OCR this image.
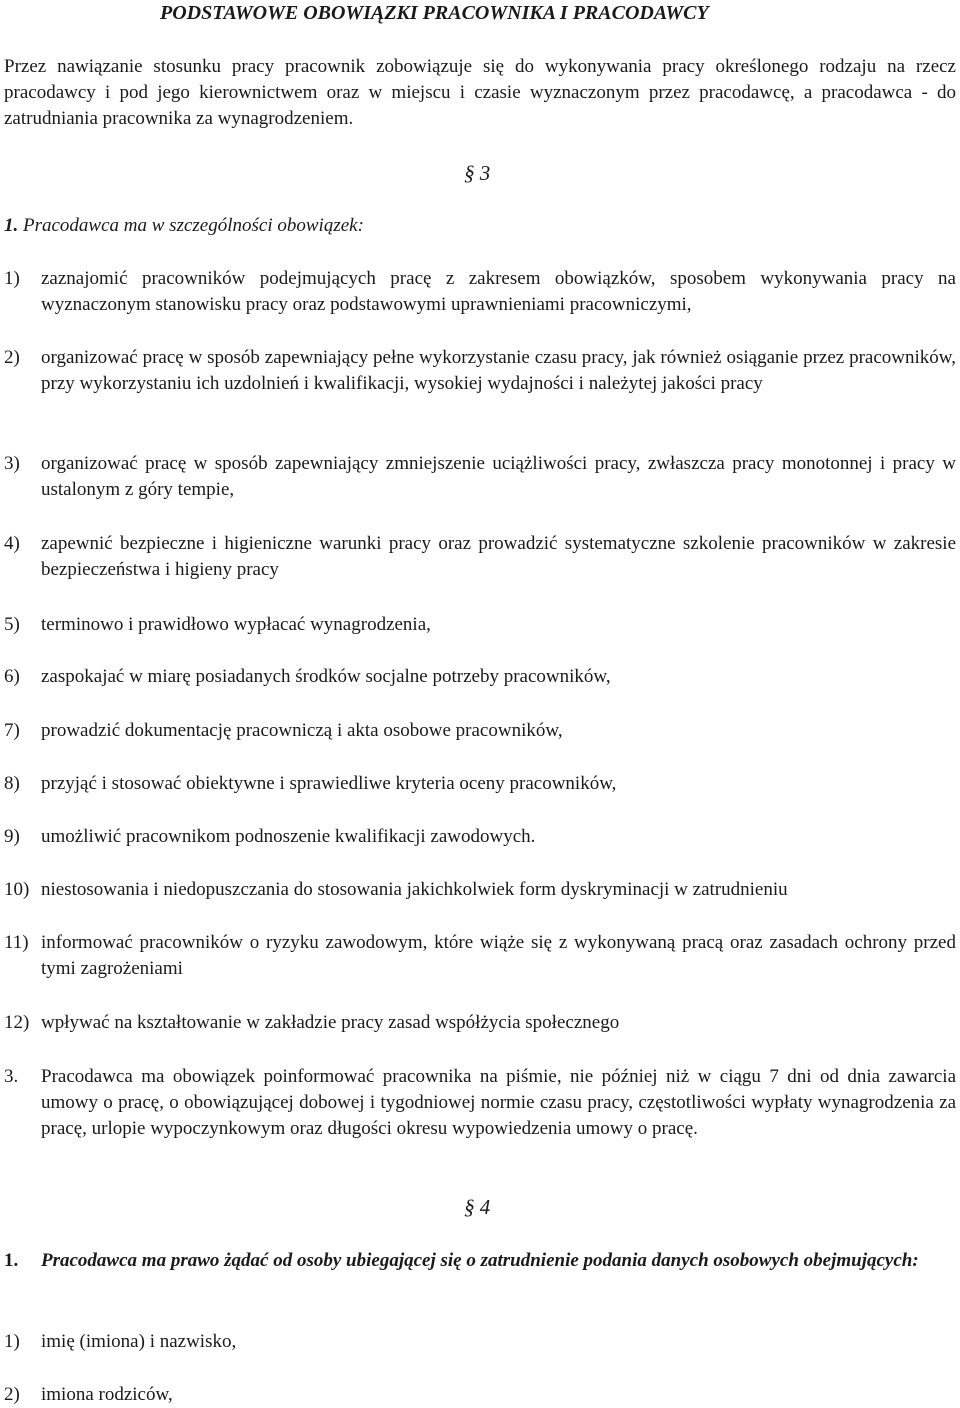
PODSTAWOWE OBOWIĄZKI PRACOWNIKA I PRACODAWCY
Przez nawiązanie stosunku pracy pracownik zobowiązuje się do wykonywania pracy określonego rodzaju na rzecz pracodawcy i pod jego kierownictwem oraz w miejscu i czasie wyznaczonym przez pracodawcę, a pracodawca - do zatrudniania pracownika za wynagrodzeniem.
§ 3
1. Pracodawca ma w szczególności obowiązek:
1)	zaznajomić pracowników podejmujących pracę z zakresem obowiązków, sposobem wykonywania pracy na wyznaczonym stanowisku pracy oraz podstawowymi uprawnieniami pracowniczymi,
2)	organizować pracę w sposób zapewniający pełne wykorzystanie czasu pracy, jak również osiąganie przez pracowników, przy wykorzystaniu ich uzdolnień i kwalifikacji, wysokiej wydajności i należytej jakości pracy
3)	organizować pracę w sposób zapewniający zmniejszenie uciążliwości pracy, zwłaszcza pracy monotonnej i pracy w ustalonym z góry tempie,
4)	zapewnić bezpieczne i higieniczne warunki pracy oraz prowadzić systematyczne szkolenie pracowników w zakresie bezpieczeństwa i higieny pracy
5)	terminowo i prawidłowo wypłacać wynagrodzenia,
6)	zaspokajać w miarę posiadanych środków socjalne potrzeby pracowników,
7)	prowadzić dokumentację pracowniczą i akta osobowe pracowników,
8)	przyjąć i stosować obiektywne i sprawiedliwe kryteria oceny pracowników,
9)	umożliwić pracownikom podnoszenie kwalifikacji zawodowych.
10) niestosowania i niedopuszczania do stosowania jakichkolwiek form dyskryminacji w zatrudnieniu
11) informować pracowników o ryzyku zawodowym, które wiąże się z wykonywaną pracą oraz zasadach ochrony przed tymi zagrożeniami
12) wpływać na kształtowanie w zakładzie pracy zasad współżycia społecznego
3.	Pracodawca ma obowiązek poinformować pracownika na piśmie, nie później niż w ciągu 7 dni od dnia zawarcia umowy o pracę, o obowiązującej dobowej i tygodniowej normie czasu pracy, częstotliwości wypłaty wynagrodzenia za pracę, urlopie wypoczynkowym oraz długości okresu wypowiedzenia umowy o pracę.
§ 4
1.	Pracodawca ma prawo żądać od osoby ubiegającej się o zatrudnienie podania danych osobowych obejmujących:
1)	imię (imiona) i nazwisko,
2)	imiona rodziców,
